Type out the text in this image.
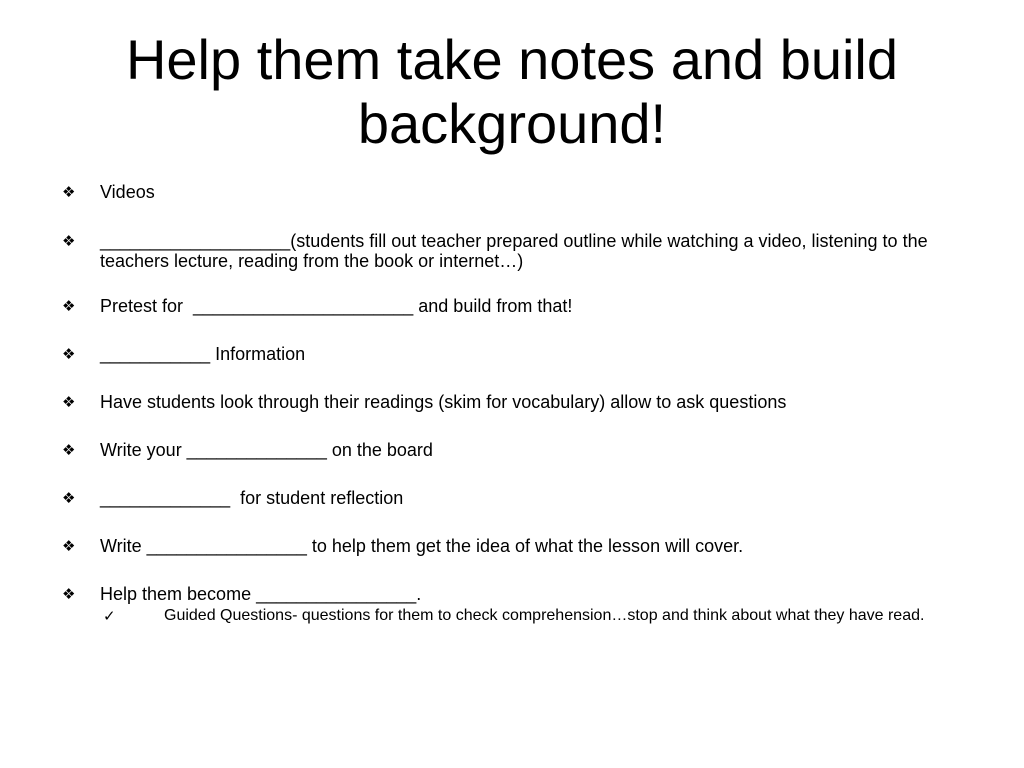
Help them take notes and build background!
❖	Videos
❖	___________________(students fill out teacher prepared outline while watching a video, listening to the teachers lecture, reading from the book or internet…)
❖	Pretest for  ______________________ and build from that!
❖	___________ Information
❖	Have students look through their readings (skim for vocabulary) allow to ask questions
❖	Write your ______________ on the board
❖	_____________  for student reflection
❖	Write ________________ to help them get the idea of what the lesson will cover.
❖	Help them become ________________.
✓	Guided Questions- questions for them to check comprehension…stop and think about what they have read.
